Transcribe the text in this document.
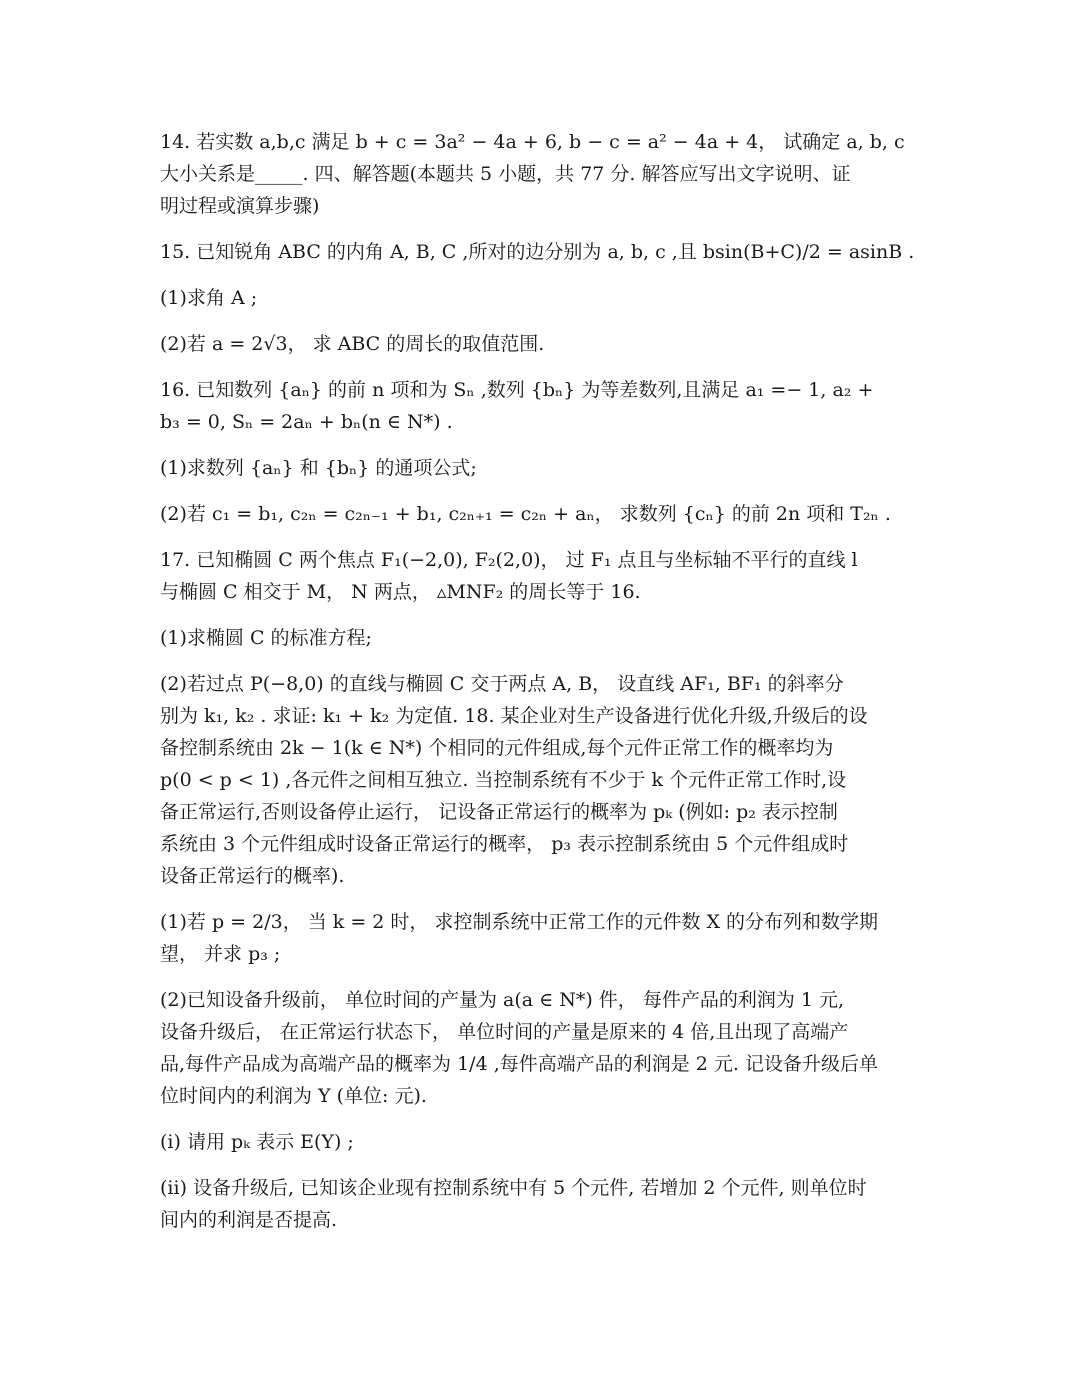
14. 若实数 a,b,c 满足 b + c = 3a² − 4a + 6, b − c = a² − 4a + 4， 试确定 a, b, c
大小关系是_____. 四、解答题(本题共 5 小题，共 77 分. 解答应写出文字说明、证
明过程或演算步骤)
15. 已知锐角 ABC 的内角 A, B, C ,所对的边分别为 a, b, c ,且 bsin(B+C)/2 = asinB .
(1)求角 A ;
(2)若 a = 2√3， 求 ABC 的周长的取值范围.
16. 已知数列 {aₙ} 的前 n 项和为 Sₙ ,数列 {bₙ} 为等差数列,且满足 a₁ =− 1, a₂ +
b₃ = 0, Sₙ = 2aₙ + bₙ(n ∈ N*) .
(1)求数列 {aₙ} 和 {bₙ} 的通项公式;
(2)若 c₁ = b₁, c₂ₙ = c₂ₙ₋₁ + b₁, c₂ₙ₊₁ = c₂ₙ + aₙ， 求数列 {cₙ} 的前 2n 项和 T₂ₙ .
17. 已知椭圆 C 两个焦点 F₁(−2,0), F₂(2,0)， 过 F₁ 点且与坐标轴不平行的直线 l
与椭圆 C 相交于 M， N 两点， ▵MNF₂ 的周长等于 16.
(1)求椭圆 C 的标准方程;
(2)若过点 P(−8,0) 的直线与椭圆 C 交于两点 A, B， 设直线 AF₁, BF₁ 的斜率分
别为 k₁, k₂ . 求证: k₁ + k₂ 为定值. 18. 某企业对生产设备进行优化升级,升级后的设
备控制系统由 2k − 1(k ∈ N*) 个相同的元件组成,每个元件正常工作的概率均为
p(0 < p < 1) ,各元件之间相互独立. 当控制系统有不少于 k 个元件正常工作时,设
备正常运行,否则设备停止运行， 记设备正常运行的概率为 pₖ (例如: p₂ 表示控制
系统由 3 个元件组成时设备正常运行的概率， p₃ 表示控制系统由 5 个元件组成时
设备正常运行的概率).
(1)若 p = 2/3， 当 k = 2 时， 求控制系统中正常工作的元件数 X 的分布列和数学期
望， 并求 p₃ ;
(2)已知设备升级前， 单位时间的产量为 a(a ∈ N*) 件， 每件产品的利润为 1 元,
设备升级后， 在正常运行状态下， 单位时间的产量是原来的 4 倍,且出现了高端产
品,每件产品成为高端产品的概率为 1/4 ,每件高端产品的利润是 2 元. 记设备升级后单
位时间内的利润为 Y (单位: 元).
(i) 请用 pₖ 表示 E(Y) ;
(ii) 设备升级后, 已知该企业现有控制系统中有 5 个元件, 若增加 2 个元件, 则单位时
间内的利润是否提高.
